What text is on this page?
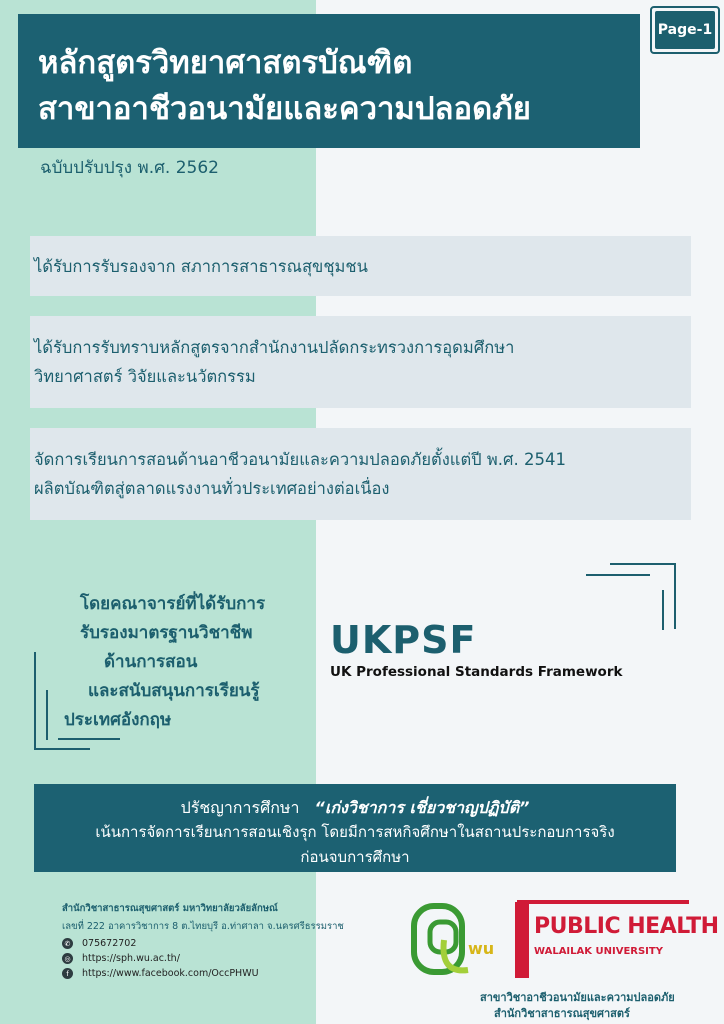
Page-1
หลักสูตรวิทยาศาสตรบัณฑิต
สาขาอาชีวอนามัยและความปลอดภัย
ฉบับปรับปรุง พ.ศ. 2562
ได้รับการรับรองจาก สภาการสาธารณสุขชุมชน
ได้รับการรับทราบหลักสูตรจากสำนักงานปลัดกระทรวงการอุดมศึกษา
วิทยาศาสตร์ วิจัยและนวัตกรรม
จัดการเรียนการสอนด้านอาชีวอนามัยและความปลอดภัยตั้งแต่ปี พ.ศ. 2541
ผลิตบัณฑิตสู่ตลาดแรงงานทั่วประเทศอย่างต่อเนื่อง
โดยคณาจารย์ที่ได้รับการ
รับรองมาตรฐานวิชาชีพ
ด้านการสอน
และสนับสนุนการเรียนรู้
ประเทศอังกฤษ
UKPSF
UK Professional Standards Framework
ปรัชญาการศึกษา “เก่งวิชาการ เชี่ยวชาญปฏิบัติ”
เน้นการจัดการเรียนการสอนเชิงรุก โดยมีการสหกิจศึกษาในสถานประกอบการจริง
ก่อนจบการศึกษา
สำนักวิชาสาธารณสุขศาสตร์ มหาวิทยาลัยวลัยลักษณ์
เลขที่ 222 อาคารวิชาการ 8 ต.ไทยบุรี อ.ท่าศาลา จ.นครศรีธรรมราช
✆ 075672702
◎ https://sph.wu.ac.th/
f	https://www.facebook.com/OccPHWU
wu
PUBLIC HEALTH
WALAILAK UNIVERSITY
สาขาวิชาอาชีวอนามัยและความปลอดภัย
สำนักวิชาสาธารณสุขศาสตร์
